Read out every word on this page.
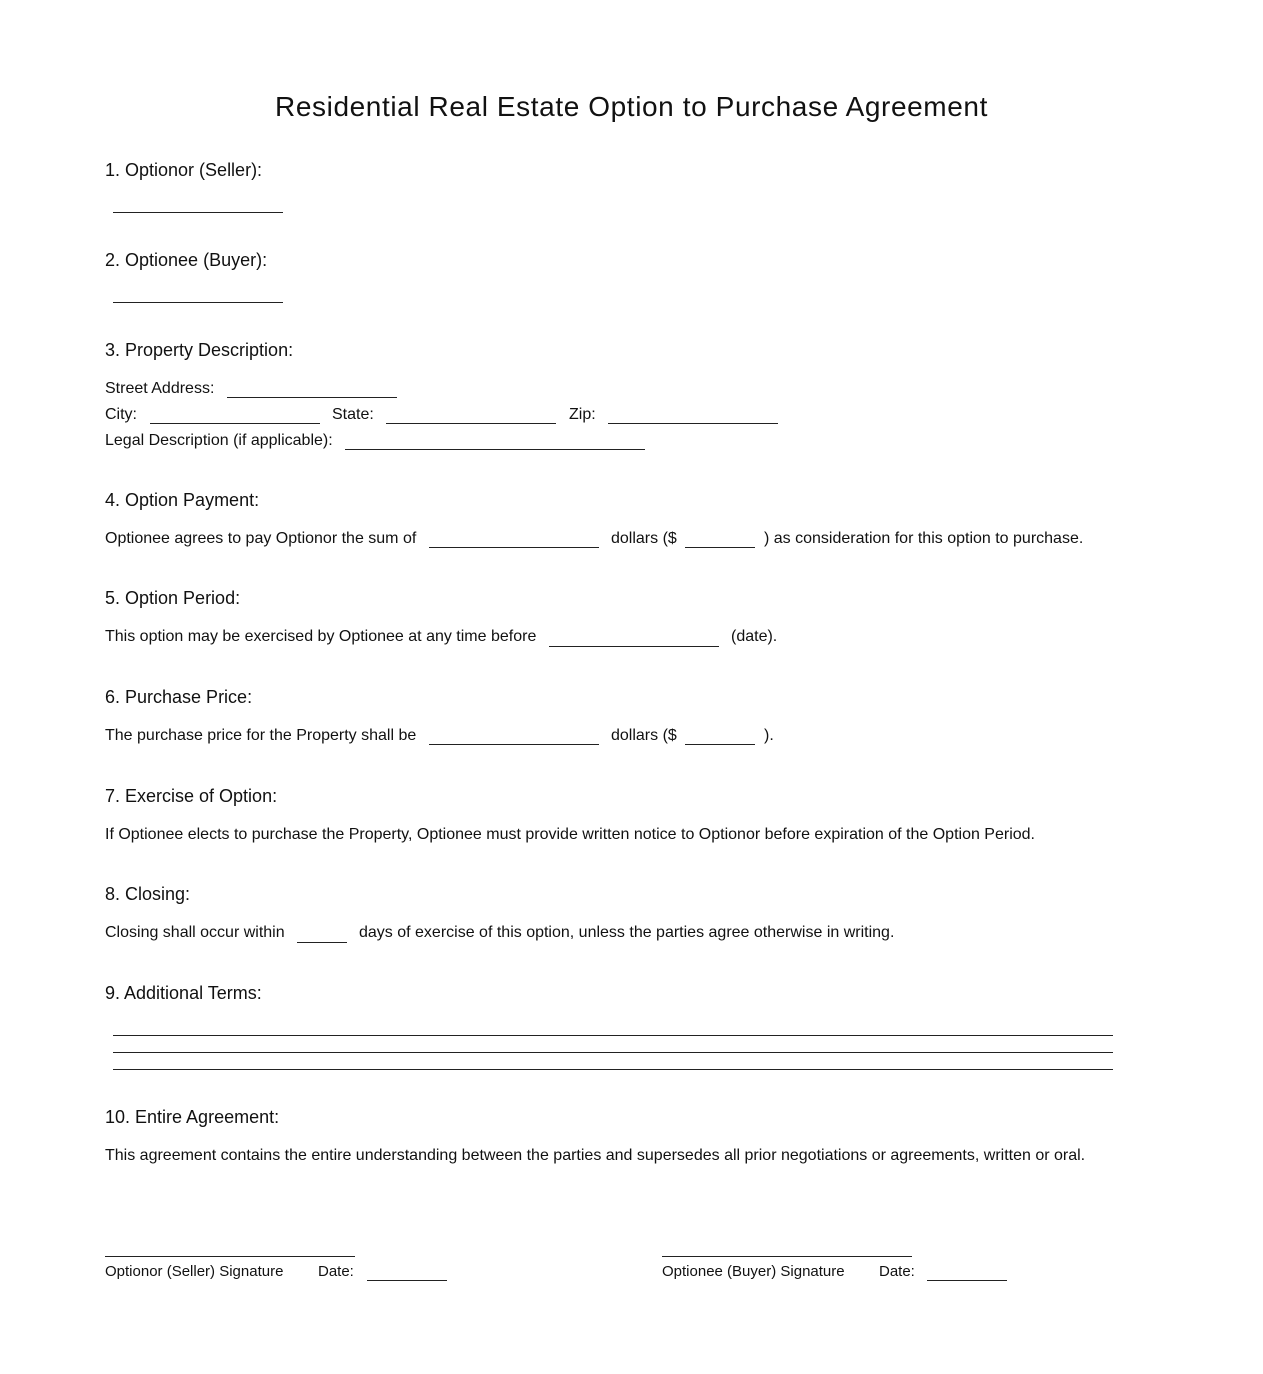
Residential Real Estate Option to Purchase Agreement
1. Optionor (Seller):
2. Optionee (Buyer):
3. Property Description:
Street Address:
City:	State:	Zip:
Legal Description (if applicable):
4. Option Payment:
Optionee agrees to pay Optionor the sum of	dollars ($	) as consideration for this option to purchase.
5. Option Period:
This option may be exercised by Optionee at any time before	(date).
6. Purchase Price:
The purchase price for the Property shall be	dollars ($	).
7. Exercise of Option:
If Optionee elects to purchase the Property, Optionee must provide written notice to Optionor before expiration of the Option Period.
8. Closing:
Closing shall occur within	days of exercise of this option, unless the parties agree otherwise in writing.
9. Additional Terms:
10. Entire Agreement:
This agreement contains the entire understanding between the parties and supersedes all prior negotiations or agreements, written or oral.
Optionor (Seller) Signature Date:	Optionee (Buyer) Signature Date:
